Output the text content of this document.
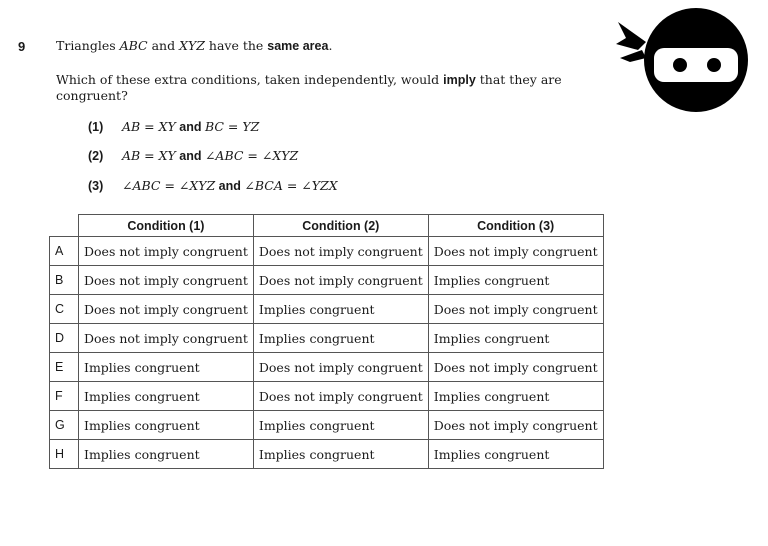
9 Triangles ABC and XYZ have the same area.
Which of these extra conditions, taken independently, would imply that they are congruent?
(1) AB = XY and BC = YZ
(2) AB = XY and ∠ABC = ∠XYZ
(3) ∠ABC = ∠XYZ and ∠BCA = ∠YZX
	Condition (1)	Condition (2)	Condition (3)
A	Does not imply congruent	Does not imply congruent	Does not imply congruent
B	Does not imply congruent	Does not imply congruent	Implies congruent
C	Does not imply congruent	Implies congruent	Does not imply congruent
D	Does not imply congruent	Implies congruent	Implies congruent
E	Implies congruent	Does not imply congruent	Does not imply congruent
F	Implies congruent	Does not imply congruent	Implies congruent
G	Implies congruent	Implies congruent	Does not imply congruent
H	Implies congruent	Implies congruent	Implies congruent
